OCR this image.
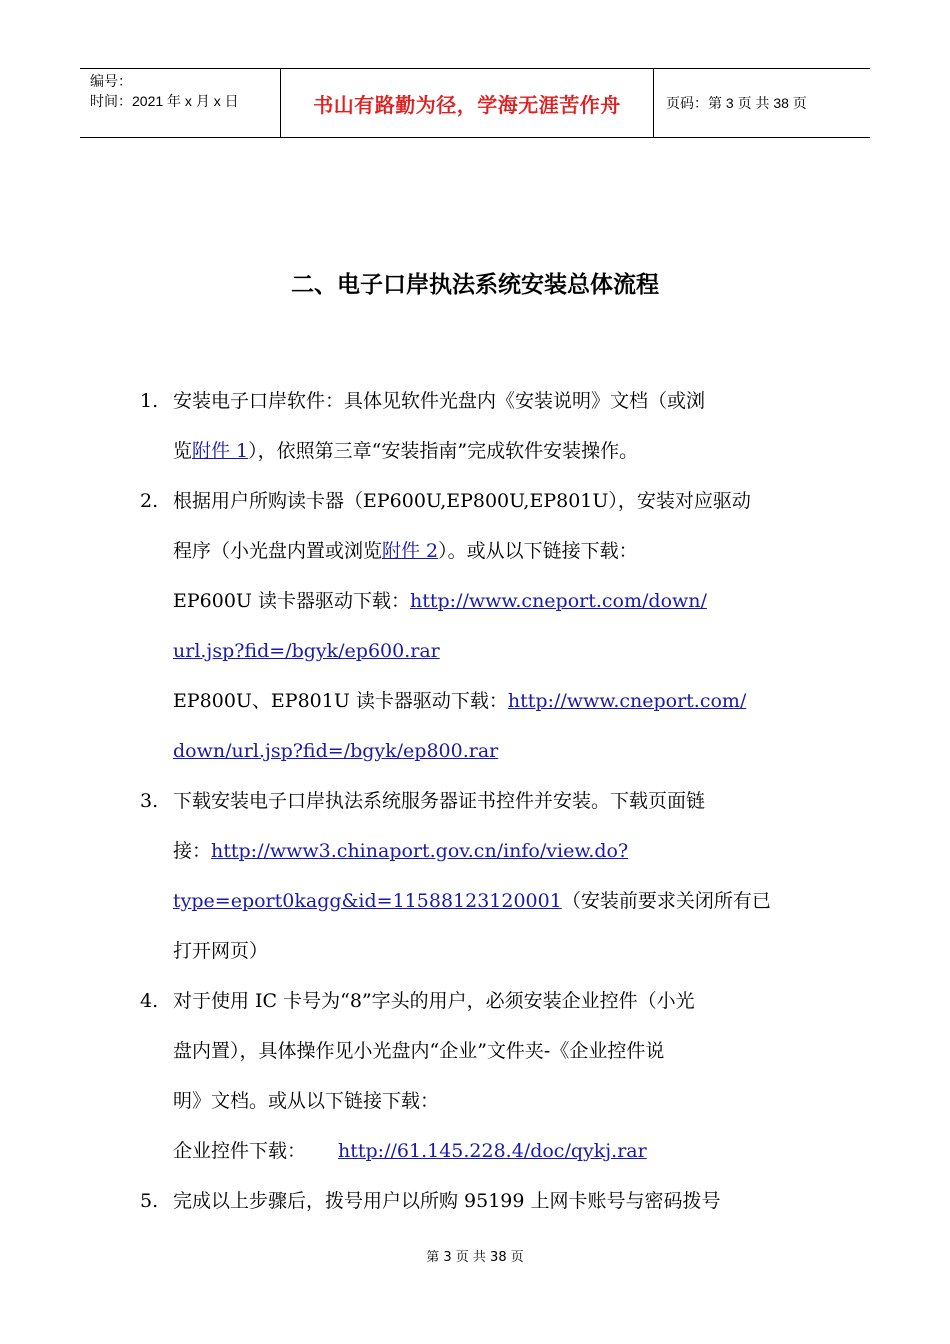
编号：
时间：2021 年 x 月 x 日	书山有路勤为径，学海无涯苦作舟	页码：第 3 页 共 38 页
二、电子口岸执法系统安装总体流程
1. 安装电子口岸软件：具体见软件光盘内《安装说明》文档（或浏
览附件 1），依照第三章“安装指南”完成软件安装操作。
2. 根据用户所购读卡器（EP600U,EP800U,EP801U），安装对应驱动
程序（小光盘内置或浏览附件 2）。或从以下链接下载：
EP600U 读卡器驱动下载：http://www.cneport.com/down/
url.jsp?fid=/bgyk/ep600.rar
EP800U、EP801U 读卡器驱动下载：http://www.cneport.com/
down/url.jsp?fid=/bgyk/ep800.rar
3. 下载安装电子口岸执法系统服务器证书控件并安装。下载页面链
接：http://www3.chinaport.gov.cn/info/view.do?
type=eport0kagg&id=11588123120001（安装前要求关闭所有已
打开网页）
4. 对于使用 IC 卡号为“8”字头的用户，必须安装企业控件（小光
盘内置），具体操作见小光盘内“企业”文件夹-《企业控件说
明》文档。或从以下链接下载：
企业控件下载： http://61.145.228.4/doc/qykj.rar
5. 完成以上步骤后，拨号用户以所购 95199 上网卡账号与密码拨号
第 3 页 共 38 页
